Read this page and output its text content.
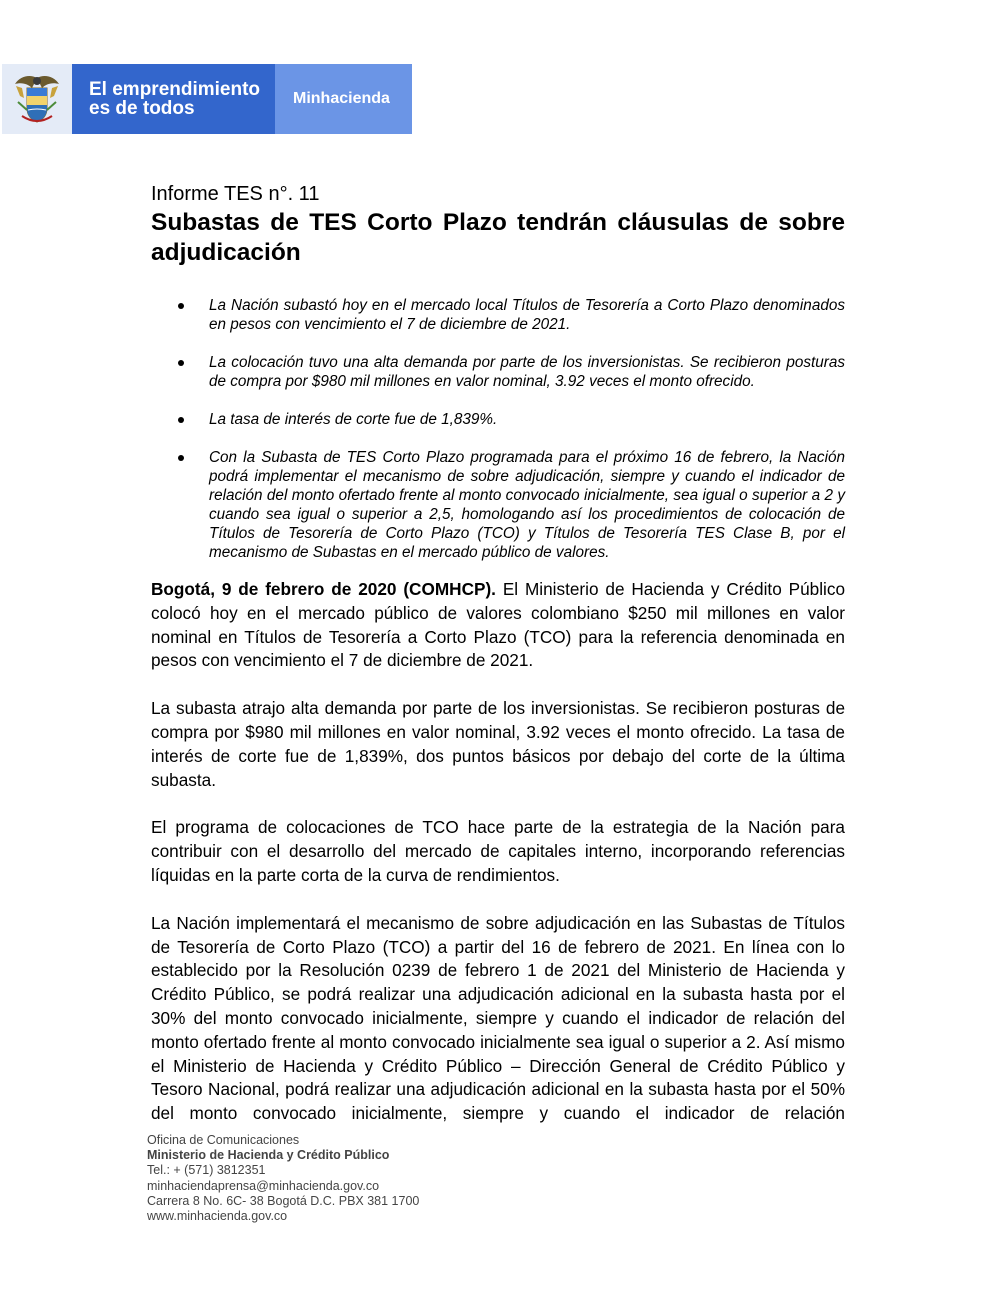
El emprendimiento
es de todos	Minhacienda

Informe TES n°. 11

Subastas de TES Corto Plazo tendrán cláusulas de sobre adjudicación
La Nación subastó hoy en el mercado local Títulos de Tesorería a Corto Plazo denominados en pesos con vencimiento el 7 de diciembre de 2021.
La colocación tuvo una alta demanda por parte de los inversionistas. Se recibieron posturas de compra por $980 mil millones en valor nominal, 3.92 veces el monto ofrecido.
La tasa de interés de corte fue de 1,839%.
Con la Subasta de TES Corto Plazo programada para el próximo 16 de febrero, la Nación podrá implementar el mecanismo de sobre adjudicación, siempre y cuando el indicador de relación del monto ofertado frente al monto convocado inicialmente, sea igual o superior a 2 y cuando sea igual o superior a 2,5, homologando así los procedimientos de colocación de Títulos de Tesorería de Corto Plazo (TCO) y Títulos de Tesorería TES Clase B, por el mecanismo de Subastas en el mercado público de valores.

Bogotá, 9 de febrero de 2020 (COMHCP). El Ministerio de Hacienda y Crédito Público colocó hoy en el mercado público de valores colombiano $250 mil millones en valor nominal en Títulos de Tesorería a Corto Plazo (TCO) para la referencia denominada en pesos con vencimiento el 7 de diciembre de 2021.

La subasta atrajo alta demanda por parte de los inversionistas. Se recibieron posturas de compra por $980 mil millones en valor nominal, 3.92 veces el monto ofrecido. La tasa de interés de corte fue de 1,839%, dos puntos básicos por debajo del corte de la última subasta.

El programa de colocaciones de TCO hace parte de la estrategia de la Nación para contribuir con el desarrollo del mercado de capitales interno, incorporando referencias líquidas en la parte corta de la curva de rendimientos.

La Nación implementará el mecanismo de sobre adjudicación en las Subastas de Títulos de Tesorería de Corto Plazo (TCO) a partir del 16 de febrero de 2021. En línea con lo establecido por la Resolución 0239 de febrero 1 de 2021 del Ministerio de Hacienda y Crédito Público, se podrá realizar una adjudicación adicional en la subasta hasta por el 30% del monto convocado inicialmente, siempre y cuando el indicador de relación del monto ofertado frente al monto convocado inicialmente sea igual o superior a 2. Así mismo el Ministerio de Hacienda y Crédito Público – Dirección General de Crédito Público y Tesoro Nacional, podrá realizar una adjudicación adicional en la subasta hasta por el 50% del monto convocado inicialmente, siempre y cuando el indicador de relación

Oficina de Comunicaciones
Ministerio de Hacienda y Crédito Público
Tel.: + (571) 3812351
minhaciendaprensa@minhacienda.gov.co
Carrera 8 No. 6C- 38 Bogotá D.C. PBX 381 1700
www.minhacienda.gov.co
